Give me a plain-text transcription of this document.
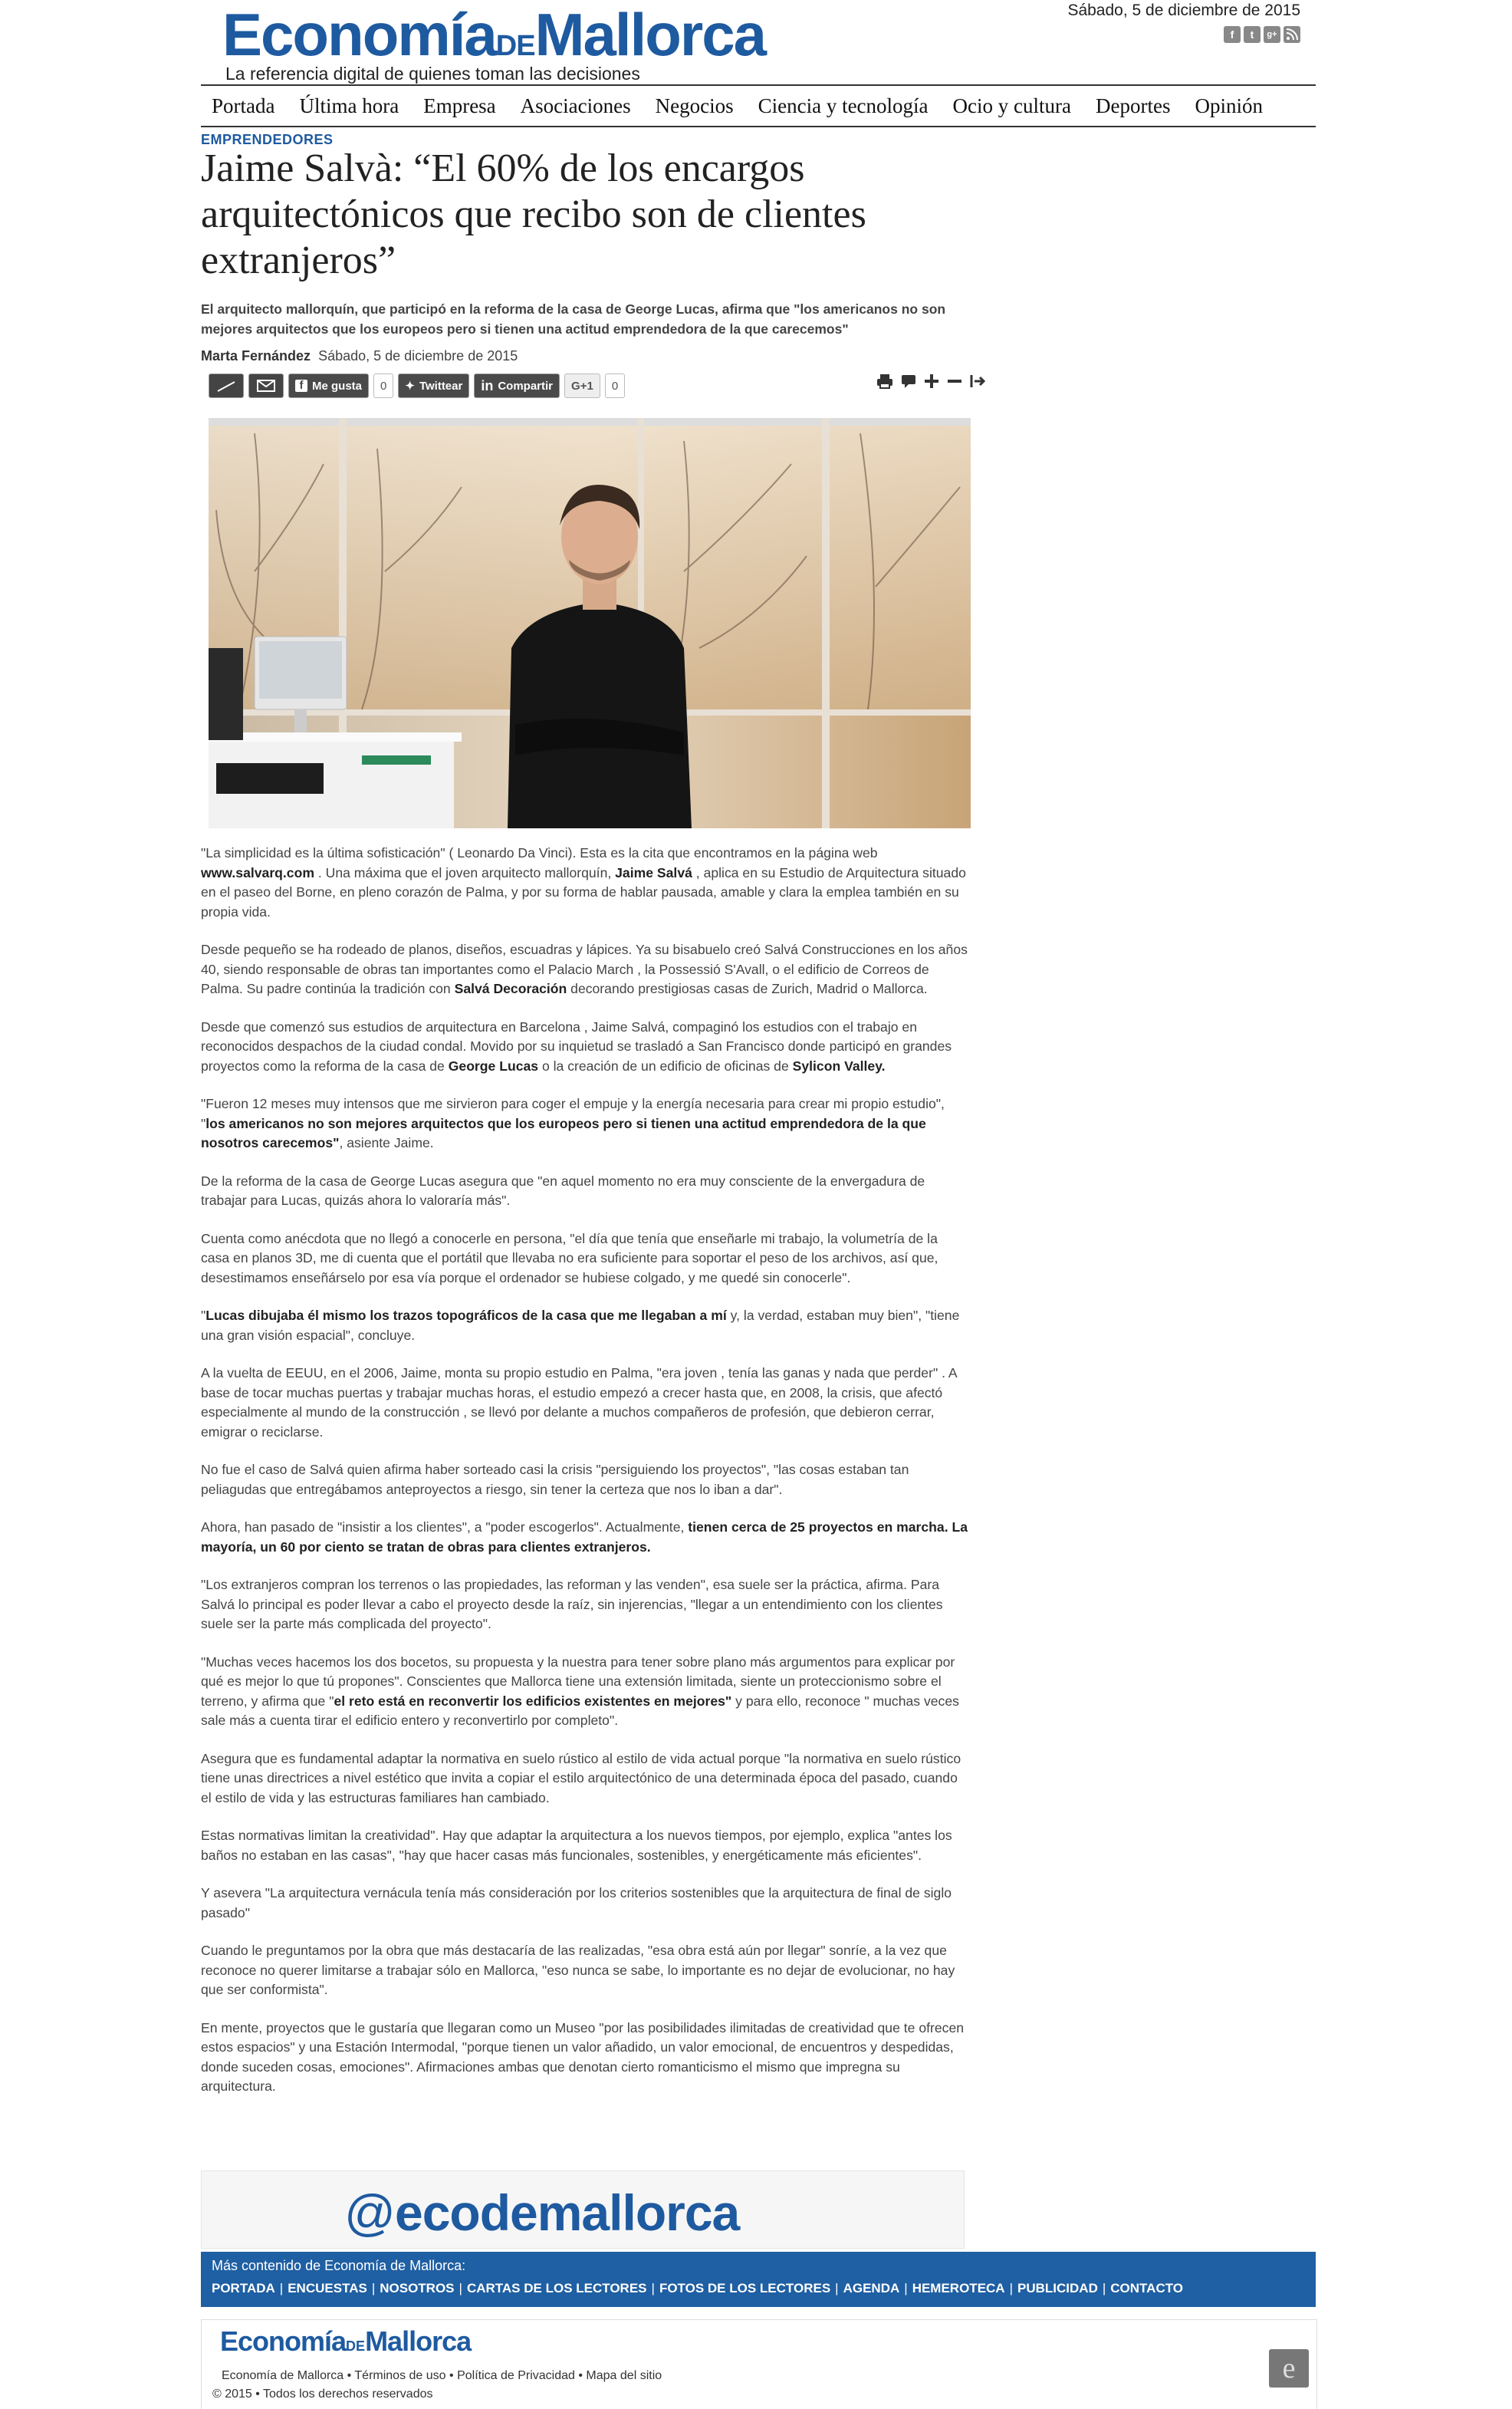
EconomíaDEMallorca
La referencia digital de quienes toman las decisiones
Sábado, 5 de diciembre de 2015
f	t	g+
Portada	Última hora	Empresa	Asociaciones	Negocios	Ciencia y tecnología	Ocio y cultura	Deportes	Opinión
EMPRENDEDORES
Jaime Salvà: “El 60% de los encargos arquitectónicos que recibo son de clientes extranjeros”

El arquitecto mallorquín, que participó en la reforma de la casa de George Lucas, afirma que "los americanos no son mejores arquitectos que los europeos pero si tienen una actitud emprendedora de la que carecemos"

Marta Fernández Sábado, 5 de diciembre de 2015
f Me gusta	0	✦ Twittear in Compartir	G+1	0

"La simplicidad es la última sofisticación" ( Leonardo Da Vinci). Esta es la cita que encontramos en la página web www.salvarq.com . Una máxima que el joven arquitecto mallorquín, Jaime Salvá , aplica en su Estudio de Arquitectura situado en el paseo del Borne, en pleno corazón de Palma, y por su forma de hablar pausada, amable y clara la emplea también en su propia vida.

Desde pequeño se ha rodeado de planos, diseños, escuadras y lápices. Ya su bisabuelo creó Salvá Construcciones en los años 40, siendo responsable de obras tan importantes como el Palacio March , la Possessió S'Avall, o el edificio de Correos de Palma. Su padre continúa la tradición con Salvá Decoración decorando prestigiosas casas de Zurich, Madrid o Mallorca.

Desde que comenzó sus estudios de arquitectura en Barcelona , Jaime Salvá, compaginó los estudios con el trabajo en reconocidos despachos de la ciudad condal. Movido por su inquietud se trasladó a San Francisco donde participó en grandes proyectos como la reforma de la casa de George Lucas o la creación de un edificio de oficinas de Sylicon Valley.

"Fueron 12 meses muy intensos que me sirvieron para coger el empuje y la energía necesaria para crear mi propio estudio", "los americanos no son mejores arquitectos que los europeos pero si tienen una actitud emprendedora de la que nosotros carecemos", asiente Jaime.

De la reforma de la casa de George Lucas asegura que "en aquel momento no era muy consciente de la envergadura de trabajar para Lucas, quizás ahora lo valoraría más".

Cuenta como anécdota que no llegó a conocerle en persona, "el día que tenía que enseñarle mi trabajo, la volumetría de la casa en planos 3D, me di cuenta que el portátil que llevaba no era suficiente para soportar el peso de los archivos, así que, desestimamos enseñárselo por esa vía porque el ordenador se hubiese colgado, y me quedé sin conocerle".

"Lucas dibujaba él mismo los trazos topográficos de la casa que me llegaban a mí y, la verdad, estaban muy bien", "tiene una gran visión espacial", concluye.

A la vuelta de EEUU, en el 2006, Jaime, monta su propio estudio en Palma, "era joven , tenía las ganas y nada que perder" . A base de tocar muchas puertas y trabajar muchas horas, el estudio empezó a crecer hasta que, en 2008, la crisis, que afectó especialmente al mundo de la construcción , se llevó por delante a muchos compañeros de profesión, que debieron cerrar, emigrar o reciclarse.

No fue el caso de Salvá quien afirma haber sorteado casi la crisis "persiguiendo los proyectos", "las cosas estaban tan peliagudas que entregábamos anteproyectos a riesgo, sin tener la certeza que nos lo iban a dar".

Ahora, han pasado de "insistir a los clientes", a "poder escogerlos". Actualmente, tienen cerca de 25 proyectos en marcha. La mayoría, un 60 por ciento se tratan de obras para clientes extranjeros.

"Los extranjeros compran los terrenos o las propiedades, las reforman y las venden", esa suele ser la práctica, afirma. Para Salvá lo principal es poder llevar a cabo el proyecto desde la raíz, sin injerencias, "llegar a un entendimiento con los clientes suele ser la parte más complicada del proyecto".

"Muchas veces hacemos los dos bocetos, su propuesta y la nuestra para tener sobre plano más argumentos para explicar por qué es mejor lo que tú propones". Conscientes que Mallorca tiene una extensión limitada, siente un proteccionismo sobre el terreno, y afirma que "el reto está en reconvertir los edificios existentes en mejores" y para ello, reconoce " muchas veces sale más a cuenta tirar el edificio entero y reconvertirlo por completo".

Asegura que es fundamental adaptar la normativa en suelo rústico al estilo de vida actual porque "la normativa en suelo rústico tiene unas directrices a nivel estético que invita a copiar el estilo arquitectónico de una determinada época del pasado, cuando el estilo de vida y las estructuras familiares han cambiado.

Estas normativas limitan la creatividad". Hay que adaptar la arquitectura a los nuevos tiempos, por ejemplo, explica "antes los baños no estaban en las casas", "hay que hacer casas más funcionales, sostenibles, y energéticamente más eficientes".

Y asevera "La arquitectura vernácula tenía más consideración por los criterios sostenibles que la arquitectura de final de siglo pasado"

Cuando le preguntamos por la obra que más destacaría de las realizadas, "esa obra está aún por llegar" sonríe, a la vez que reconoce no querer limitarse a trabajar sólo en Mallorca, "eso nunca se sabe, lo importante es no dejar de evolucionar, no hay que ser conformista".

En mente, proyectos que le gustaría que llegaran como un Museo "por las posibilidades ilimitadas de creatividad que te ofrecen estos espacios" y una Estación Intermodal, "porque tienen un valor añadido, un valor emocional, de encuentros y despedidas, donde suceden cosas, emociones". Afirmaciones ambas que denotan cierto romanticismo el mismo que impregna su arquitectura.

@ecodemallorca
Más contenido de Economía de Mallorca:
PORTADA | ENCUESTAS | NOSOTROS | CARTAS DE LOS LECTORES | FOTOS DE LOS LECTORES | AGENDA | HEMEROTECA | PUBLICIDAD | CONTACTO
EconomíaDEMallorca
Economía de Mallorca • Términos de uso • Política de Privacidad • Mapa del sitio
© 2015 • Todos los derechos reservados
e
